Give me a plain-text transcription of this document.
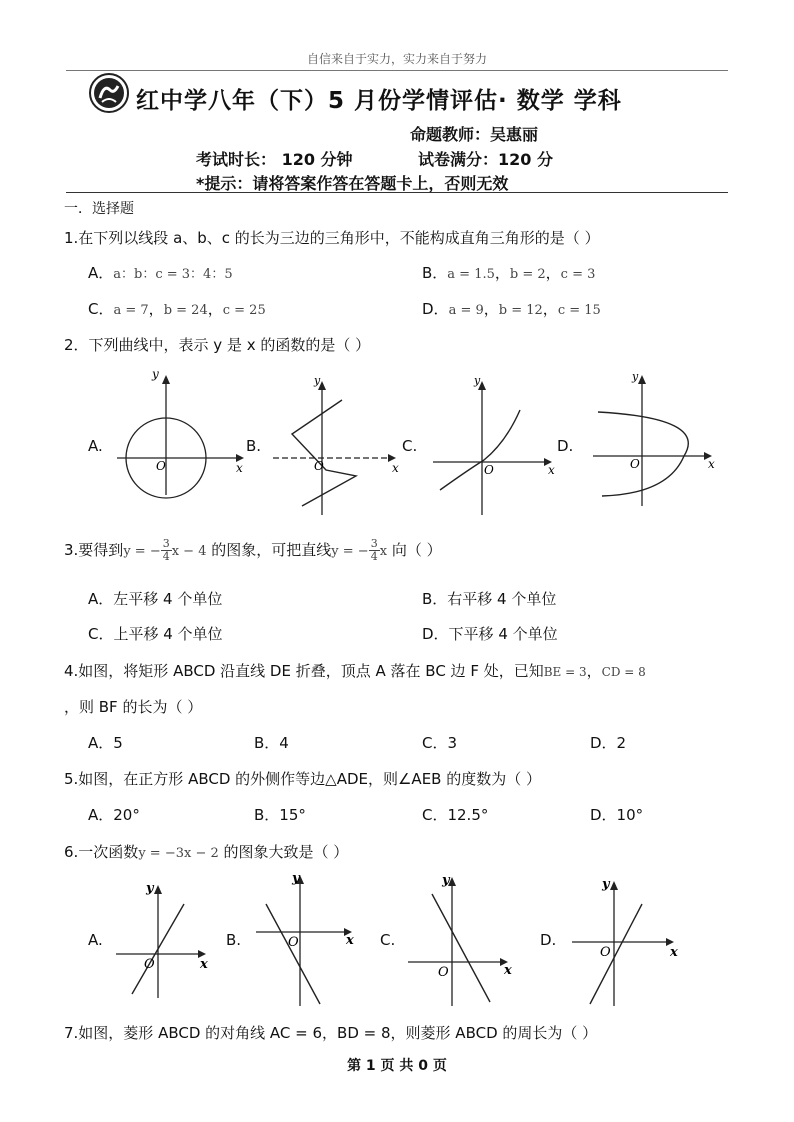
自信来自于实力，实力来自于努力
红中学八年（下）5 月份学情评估· 数学 学科
命题教师：吴惠丽
考试时长： 120 分钟	试卷满分：120 分
*提示：请将答案作答在答题卡上，否则无效
一．选择题
1.在下列以线段 a、b、c 的长为三边的三角形中，不能构成直角三角形的是（ ）
A．a：b：c = 3：4：5	B．a = 1.5，b = 2，c = 3
C．a = 7，b = 24，c = 25	D．a = 9，b = 12，c = 15
2．下列曲线中，表示 y 是 x 的函数的是（ ）
A.	B.	C.	D.
y
x
O
y
x
O
y
x
O
y
x
O
3.要得到y = − $\frac{3}{4}$ x − 4 的图象，可把直线y = − $\frac{3}{4}$ x 向（ ）
A．左平移 4 个单位	B．右平移 4 个单位
C．上平移 4 个单位	D．下平移 4 个单位
4.如图，将矩形 ABCD 沿直线 DE 折叠，顶点 A 落在 BC 边 F 处，已知BE = 3，CD = 8
，则 BF 的长为（ ）
A．5	B．4	C．3	D．2
5.如图，在正方形 ABCD 的外侧作等边△ADE，则∠AEB 的度数为（ ）
A．20°	B．15°	C．12.5°	D．10°
6.一次函数y = −3x − 2 的图象大致是（ ）
A.	B.	C.	D.
y
x
O
y
x
O
y
x
O
y
x
O
7.如图，菱形 ABCD 的对角线 AC = 6，BD = 8，则菱形 ABCD 的周长为（ ）
第 1 页 共 0 页
